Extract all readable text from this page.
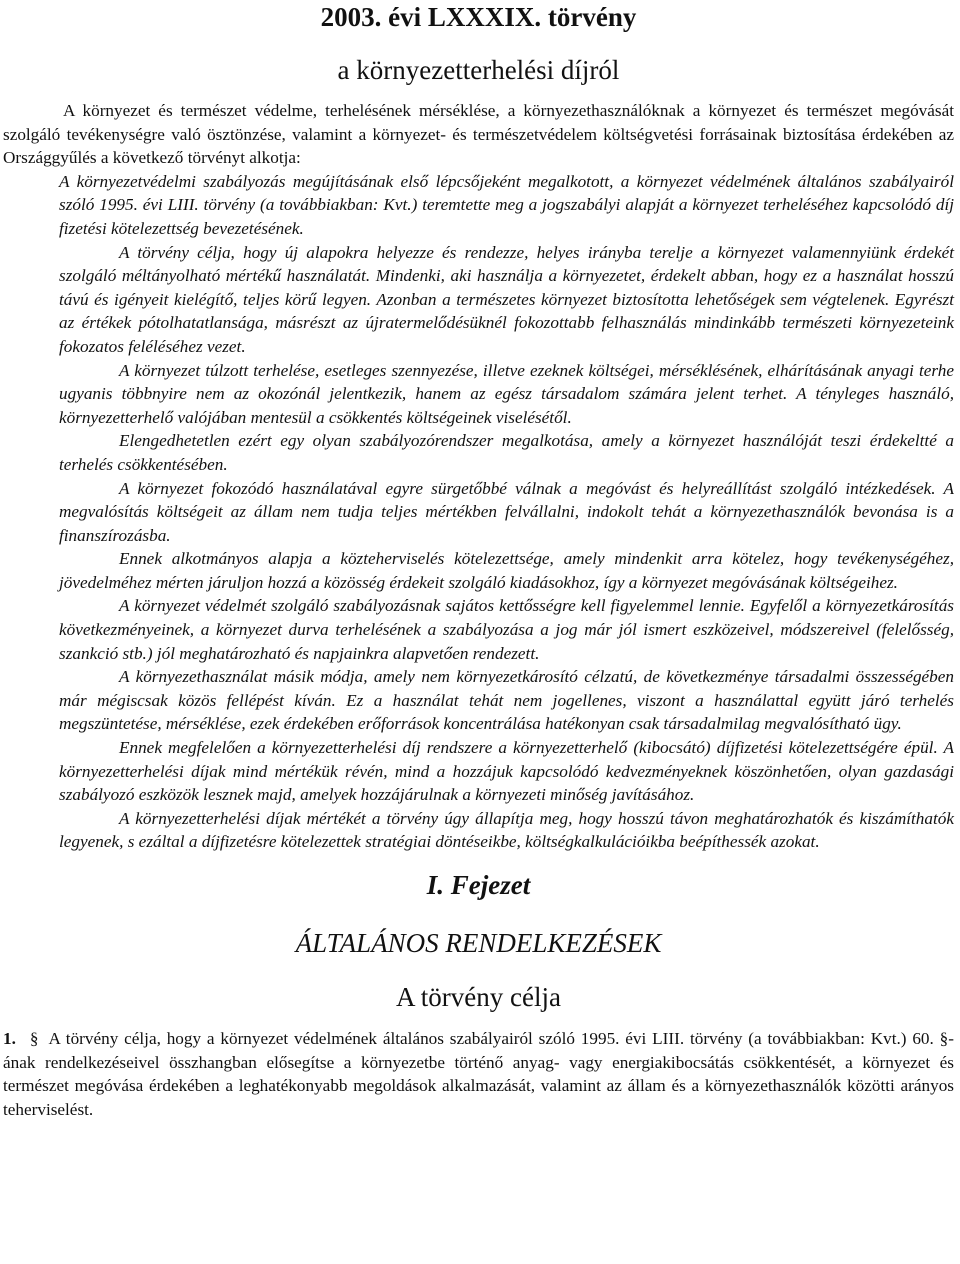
2003. évi LXXXIX. törvény
a környezetterhelési díjról

A környezet és természet védelme, terhelésének mérséklése, a környezethasználóknak a környezet és természet megóvását szolgáló tevékenységre való ösztönzése, valamint a környezet- és természetvédelem költségvetési forrásainak biztosítása érdekében az Országgyűlés a következő törvényt alkotja:

A környezetvédelmi szabályozás megújításának első lépcsőjeként megalkotott, a környezet védelmének általános szabályairól szóló 1995. évi LIII. törvény (a továbbiakban: Kvt.) teremtette meg a jogszabályi alapját a környezet terheléséhez kapcsolódó díj fizetési kötelezettség bevezetésének.

A törvény célja, hogy új alapokra helyezze és rendezze, helyes irányba terelje a környezet valamennyiünk érdekét szolgáló méltányolható mértékű használatát. Mindenki, aki használja a környezetet, érdekelt abban, hogy ez a használat hosszú távú és igényeit kielégítő, teljes körű legyen. Azonban a természetes környezet biztosította lehetőségek sem végtelenek. Egyrészt az értékek pótolhatatlansága, másrészt az újratermelődésüknél fokozottabb felhasználás mindinkább természeti környezeteink fokozatos feléléséhez vezet.

A környezet túlzott terhelése, esetleges szennyezése, illetve ezeknek költségei, mérséklésének, elhárításának anyagi terhe ugyanis többnyire nem az okozónál jelentkezik, hanem az egész társadalom számára jelent terhet. A tényleges használó, környezetterhelő valójában mentesül a csökkentés költségeinek viselésétől.

Elengedhetetlen ezért egy olyan szabályozórendszer megalkotása, amely a környezet használóját teszi érdekeltté a terhelés csökkentésében.

A környezet fokozódó használatával egyre sürgetőbbé válnak a megóvást és helyreállítást szolgáló intézkedések. A megvalósítás költségeit az állam nem tudja teljes mértékben felvállalni, indokolt tehát a környezethasználók bevonása is a finanszírozásba.

Ennek alkotmányos alapja a közteherviselés kötelezettsége, amely mindenkit arra kötelez, hogy tevékenységéhez, jövedelméhez mérten járuljon hozzá a közösség érdekeit szolgáló kiadásokhoz, így a környezet megóvásának költségeihez.

A környezet védelmét szolgáló szabályozásnak sajátos kettősségre kell figyelemmel lennie. Egyfelől a környezetkárosítás következményeinek, a környezet durva terhelésének a szabályozása a jog már jól ismert eszközeivel, módszereivel (felelősség, szankció stb.) jól meghatározható és napjainkra alapvetően rendezett.

A környezethasználat másik módja, amely nem környezetkárosító célzatú, de következménye társadalmi összességében már mégiscsak közös fellépést kíván. Ez a használat tehát nem jogellenes, viszont a használattal együtt járó terhelés megszüntetése, mérséklése, ezek érdekében erőforrások koncentrálása hatékonyan csak társadalmilag megvalósítható ügy.

Ennek megfelelően a környezetterhelési díj rendszere a környezetterhelő (kibocsátó) díjfizetési kötelezettségére épül. A környezetterhelési díjak mind mértékük révén, mind a hozzájuk kapcsolódó kedvezményeknek köszönhetően, olyan gazdasági szabályozó eszközök lesznek majd, amelyek hozzájárulnak a környezeti minőség javításához.

A környezetterhelési díjak mértékét a törvény úgy állapítja meg, hogy hosszú távon meghatározhatók és kiszámíthatók legyenek, s ezáltal a díjfizetésre kötelezettek stratégiai döntéseikbe, költségkalkulációikba beépíthessék azokat.

I. Fejezet
ÁLTALÁNOS RENDELKEZÉSEK
A törvény célja

1. § A törvény célja, hogy a környezet védelmének általános szabályairól szóló 1995. évi LIII. törvény (a továbbiakban: Kvt.) 60. §-ának rendelkezéseivel összhangban elősegítse a környezetbe történő anyag- vagy energiakibocsátás csökkentését, a környezet és természet megóvása érdekében a leghatékonyabb megoldások alkalmazását, valamint az állam és a környezethasználók közötti arányos teherviselést.
